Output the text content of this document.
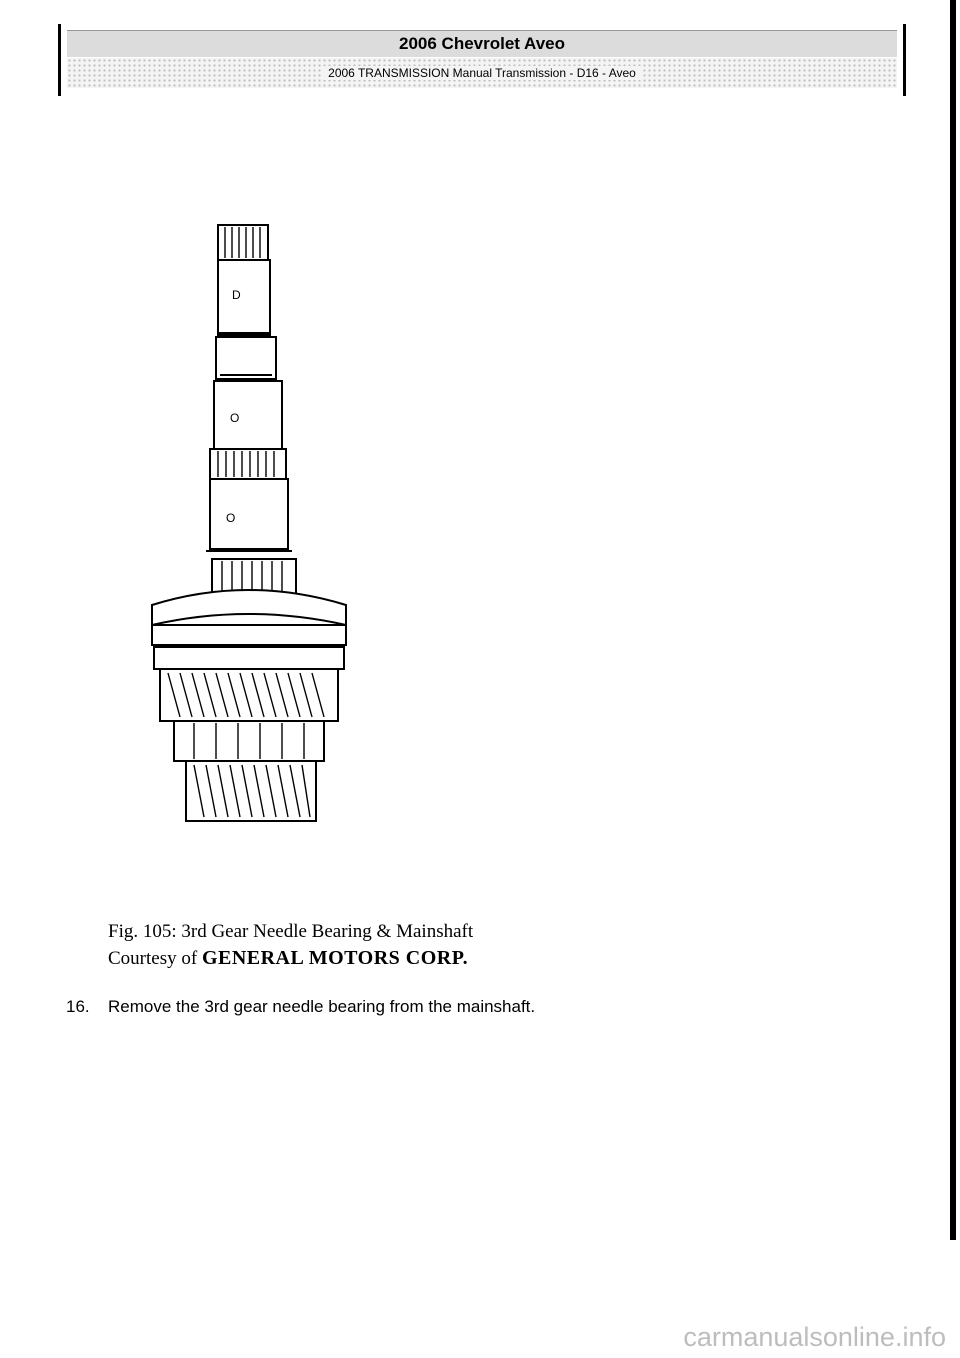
2006 Chevrolet Aveo
2006 TRANSMISSION Manual Transmission - D16 - Aveo
D
O
O
Fig. 105: 3rd Gear Needle Bearing & Mainshaft
Courtesy of GENERAL MOTORS CORP.
16. Remove the 3rd gear needle bearing from the mainshaft.
carmanualsonline.info
